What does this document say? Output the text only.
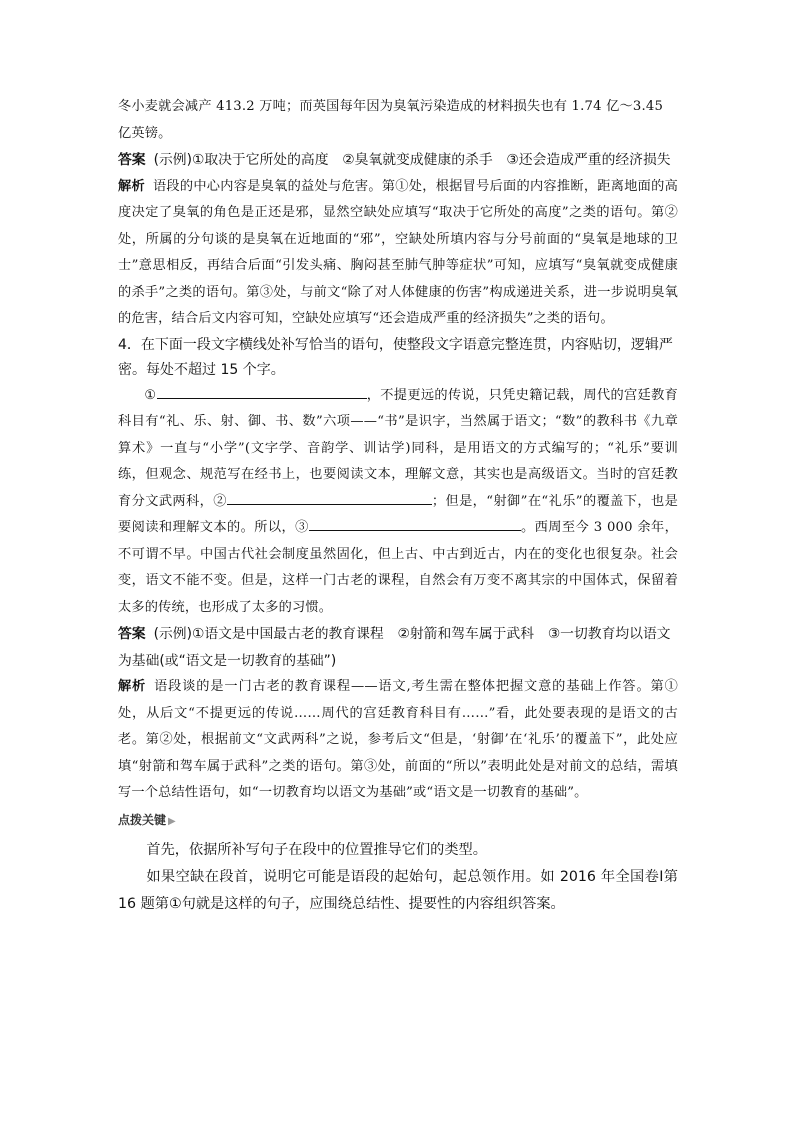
冬小麦就会减产 413.2 万吨；而英国每年因为臭氧污染造成的材料损失也有 1.74 亿～3.45
亿英镑。

答案 (示例)①取决于它所处的高度　②臭氧就变成健康的杀手　③还会造成严重的经济损失

解析 语段的中心内容是臭氧的益处与危害。第①处，根据冒号后面的内容推断，距离地面的高度决定了臭氧的角色是正还是邪，显然空缺处应填写“取决于它所处的高度”之类的语句。第②处，所属的分句谈的是臭氧在近地面的“邪”，空缺处所填内容与分号前面的“臭氧是地球的卫士”意思相反，再结合后面“引发头痛、胸闷甚至肺气肿等症状”可知，应填写“臭氧就变成健康的杀手”之类的语句。第③处，与前文“除了对人体健康的伤害”构成递进关系，进一步说明臭氧的危害，结合后文内容可知，空缺处应填写“还会造成严重的经济损失”之类的语句。

4．在下面一段文字横线处补写恰当的语句，使整段文字语意完整连贯，内容贴切，逻辑严密。每处不超过 15 个字。

①	，不提更远的传说，只凭史籍记载，周代的宫廷教育科目有“礼、乐、射、御、书、数”六项——“书”是识字，当然属于语文；“数”的教科书《九章算术》一直与“小学”(文字学、音韵学、训诂学)同科，是用语文的方式编写的；“礼乐”要训练，但观念、规范写在经书上，也要阅读文本，理解文意，其实也是高级语文。当时的宫廷教育分文武两科，②	；但是，“射御”在“礼乐”的覆盖下，也是要阅读和理解文本的。所以，③	。西周至今 3 000 余年，不可谓不早。中国古代社会制度虽然固化，但上古、中古到近古，内在的变化也很复杂。社会变，语文不能不变。但是，这样一门古老的课程，自然会有万变不离其宗的中国体式，保留着太多的传统，也形成了太多的习惯。

答案 (示例)①语文是中国最古老的教育课程　②射箭和驾车属于武科　③一切教育均以语文为基础(或“语文是一切教育的基础”)

解析 语段谈的是一门古老的教育课程——语文,考生需在整体把握文意的基础上作答。第①处，从后文“不提更远的传说……周代的宫廷教育科目有……”看，此处要表现的是语文的古老。第②处，根据前文“文武两科”之说，参考后文“但是，‘射御’在‘礼乐’的覆盖下”，此处应填“射箭和驾车属于武科”之类的语句。第③处，前面的“所以”表明此处是对前文的总结，需填写一个总结性语句，如“一切教育均以语文为基础”或“语文是一切教育的基础”。

点拨关键 ▶

首先，依据所补写句子在段中的位置推导它们的类型。

如果空缺在段首，说明它可能是语段的起始句，起总领作用。如 2016 年全国卷Ⅰ第 16 题第①句就是这样的句子，应围绕总结性、提要性的内容组织答案。
